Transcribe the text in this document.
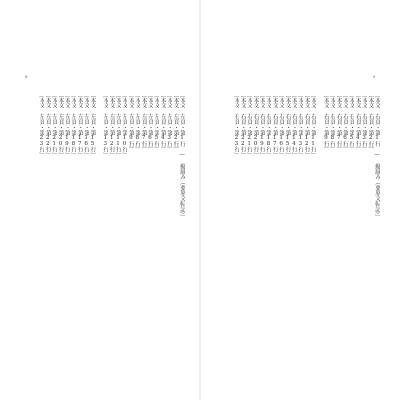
8
［本文 左頁・第1行 — 縦組み（要原文転記）］
［本文 左頁・第2行］
［本文 左頁・第3行］
［本文 左頁・第4行］
［本文 左頁・第5行］
［本文 左頁・第6行］
［本文 左頁・第7行］
［本文 左頁・第8行］
［本文 左頁・第9行］
［本文 左頁・第10行］
［本文 左頁・第11行］
［本文 左頁・第12行］
［本文 左頁・第13行］
［本文 左頁・第15行］
［本文 左頁・第16行］
［本文 左頁・第17行］
［本文 左頁・第18行］
［本文 左頁・第19行］
［本文 左頁・第20行］
［本文 左頁・第21行］
［本文 左頁・第22行］
［本文 左頁・第23行］
9
［本文 右頁・第1行 — 縦組み（要原文転記）］
［本文 右頁・第2行］
［本文 右頁・第3行］
［本文 右頁・第4行］
［本文 右頁・第5行］
［本文 右頁・第6行］
［本文 右頁・第7行］
［本文 右頁・第8行］
［本文 右頁・第9行］
［本文 右頁・第11行］
［本文 右頁・第12行］
［本文 右頁・第13行］
［本文 右頁・第14行］
［本文 右頁・第15行］
［本文 右頁・第16行］
［本文 右頁・第17行］
［本文 右頁・第18行］
［本文 右頁・第19行］
［本文 右頁・第20行］
［本文 右頁・第21行］
［本文 右頁・第22行］
［本文 右頁・第23行］
